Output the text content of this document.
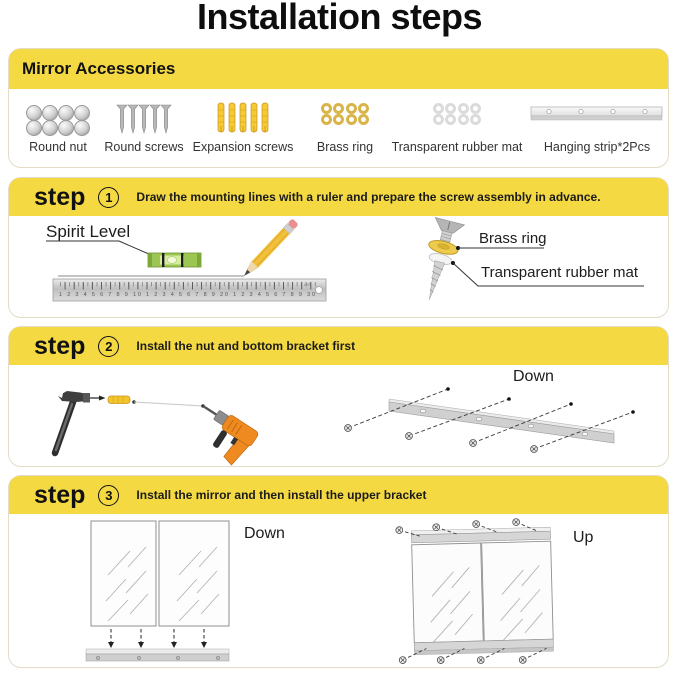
Installation steps
Mirror Accessories
Round nut	Round screws Expansion screws	Brass ring	Transparent rubber mat	Hanging strip*2Pcs
step	1	Draw the mounting lines with a ruler and prepare the screw assembly in advance.
1 2 3 4 5 6 7 8 9 10 1 2 3 4 5 6 7 8 9 20 1 2 3 4 5 6 7 8 9 30
deli
Spirit Level	Brass ring
Transparent rubber mat
step	2	Install the nut and bottom bracket first
Down
step	3	Install the mirror and then install the upper bracket
Down	Up
